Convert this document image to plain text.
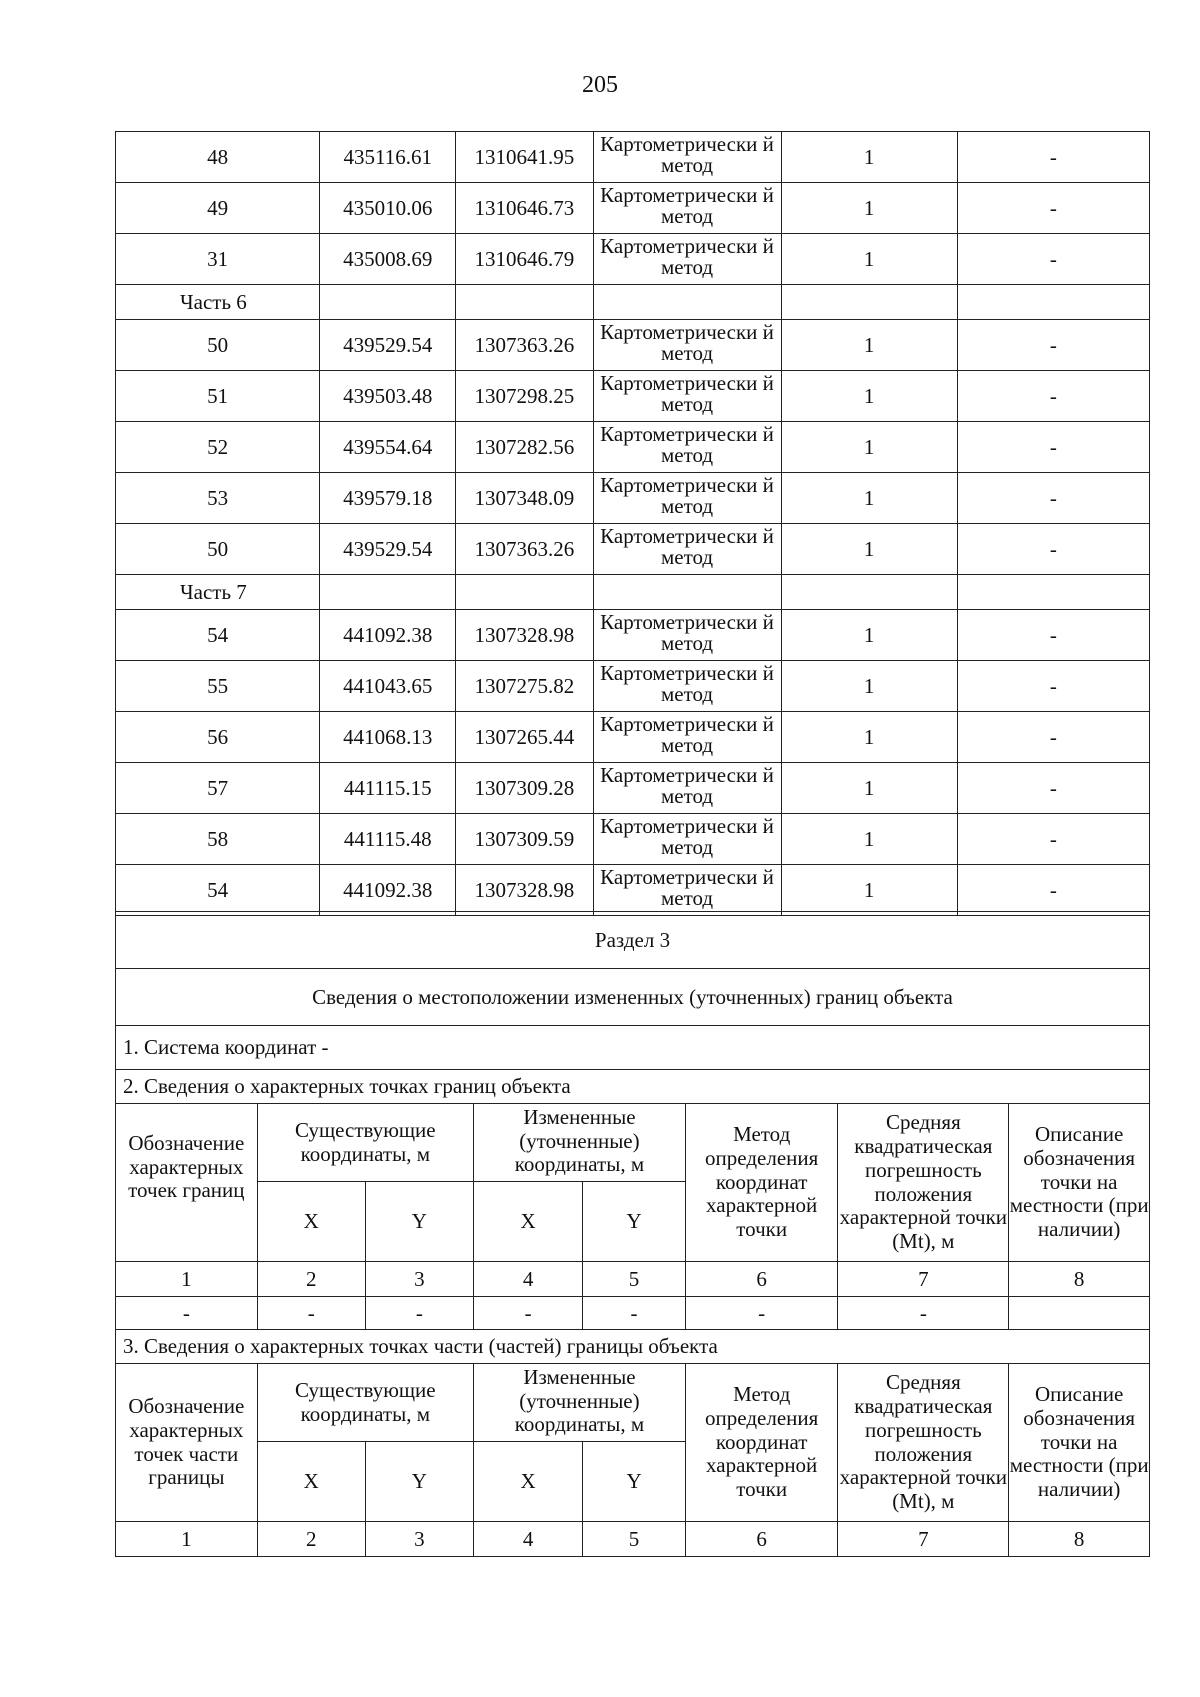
205
48	435116.61	1310641.95	Картометрически й метод	1	-
49	435010.06	1310646.73	Картометрически й метод	1	-
31	435008.69	1310646.79	Картометрически й метод	1	-
Часть 6					
50	439529.54	1307363.26	Картометрически й метод	1	-
51	439503.48	1307298.25	Картометрически й метод	1	-
52	439554.64	1307282.56	Картометрически й метод	1	-
53	439579.18	1307348.09	Картометрически й метод	1	-
50	439529.54	1307363.26	Картометрически й метод	1	-
Часть 7					
54	441092.38	1307328.98	Картометрически й метод	1	-
55	441043.65	1307275.82	Картометрически й метод	1	-
56	441068.13	1307265.44	Картометрически й метод	1	-
57	441115.15	1307309.28	Картометрически й метод	1	-
58	441115.48	1307309.59	Картометрически й метод	1	-
54	441092.38	1307328.98	Картометрически й метод	1	-
Раздел 3							
Сведения о местоположении измененных (уточненных) границ объекта							
1. Система координат -							
2. Сведения о характерных точках границ объекта							
Обозначение характерных точек границ	Существующие координаты, м		Измененные (уточненные) координаты, м		Метод определения координат характерной точки	Средняя квадратическая погрешность положения характерной точки (Mt), м	Описание обозначения точки на местности (при наличии)
	X	Y	X	Y			
1	2	3	4	5	6	7	8
-	-	-	-	-	-	-	
3. Сведения о характерных точках части (частей) границы объекта							
Обозначение характерных точек части границы	Существующие координаты, м		Измененные (уточненные) координаты, м		Метод определения координат характерной точки	Средняя квадратическая погрешность положения характерной точки (Mt), м	Описание обозначения точки на местности (при наличии)
	X	Y	X	Y			
1	2	3	4	5	6	7	8
